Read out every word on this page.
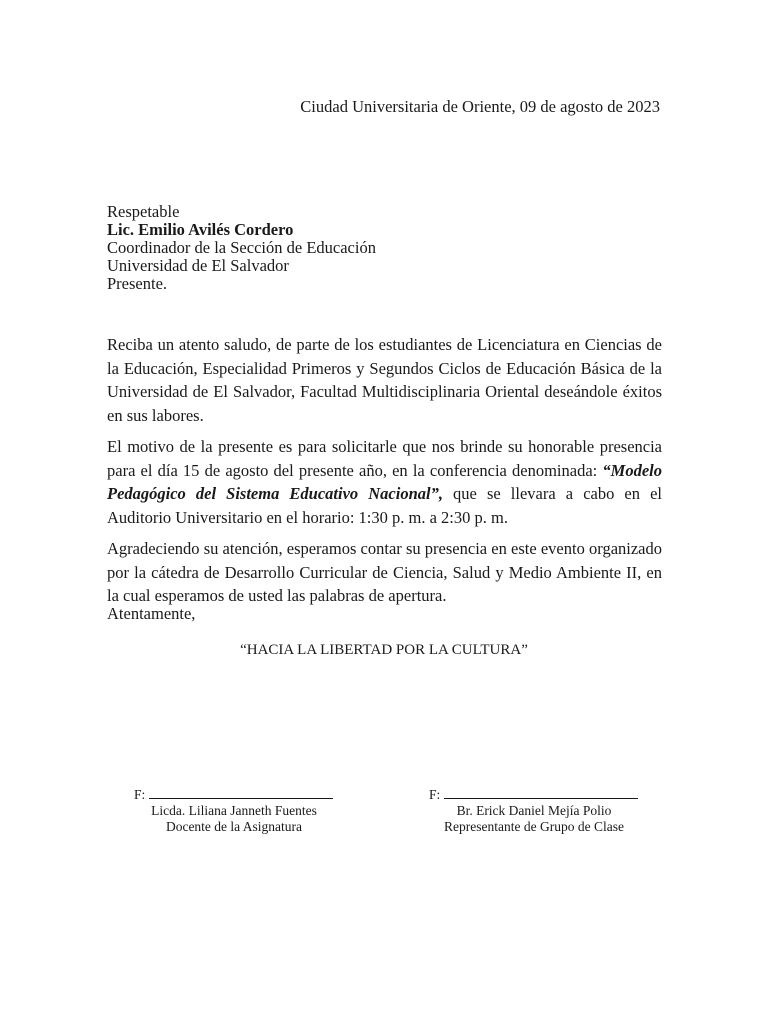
Ciudad Universitaria de Oriente, 09 de agosto de 2023
Respetable
Lic. Emilio Avilés Cordero
Coordinador de la Sección de Educación
Universidad de El Salvador
Presente.

Reciba un atento saludo, de parte de los estudiantes de Licenciatura en Ciencias de la Educación, Especialidad Primeros y Segundos Ciclos de Educación Básica de la Universidad de El Salvador, Facultad Multidisciplinaria Oriental deseándole éxitos en sus labores.

El motivo de la presente es para solicitarle que nos brinde su honorable presencia para el día 15 de agosto del presente año, en la conferencia denominada: “Modelo Pedagógico del Sistema Educativo Nacional”, que se llevara a cabo en el Auditorio Universitario en el horario: 1:30 p. m. a 2:30 p. m.

Agradeciendo su atención, esperamos contar su presencia en este evento organizado por la cátedra de Desarrollo Curricular de Ciencia, Salud y Medio Ambiente II, en la cual esperamos de usted las palabras de apertura.

Atentamente,
“HACIA LA LIBERTAD POR LA CULTURA”
F:
Licda. Liliana Janneth Fuentes
Docente de la Asignatura
F:
Br. Erick Daniel Mejía Polio
Representante de Grupo de Clase
